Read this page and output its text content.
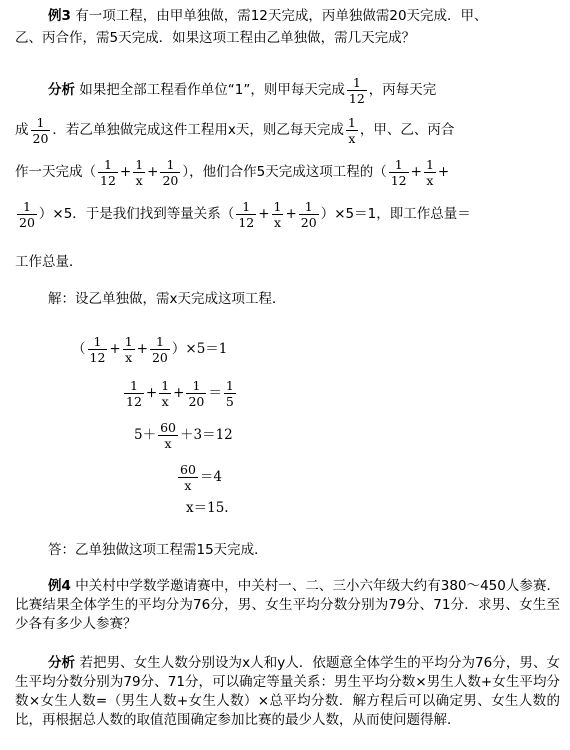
例3 有一项工程，由甲单独做，需12天完成，丙单独做需20天完成．甲、
乙、丙合作，需5天完成．如果这项工程由乙单独做，需几天完成？
分析 如果把全部工程看作单位“1”，则甲每天完成 $\frac{1}{12}$ ，丙每天完
成 $\frac{1}{20}$ ．若乙单独做完成这件工程用x天，则乙每天完成 $\frac{1}{x}$ ，甲、乙、丙合
作一天完成（ $\frac{1}{12} + \frac{1}{x} + \frac{1}{20}$ ），他们合作5天完成这项工程的（ $\frac{1}{12} + \frac{1}{x}$ +
$\frac{1}{20} )\times 5$．于是我们找到等量关系（ $\frac{1}{12} + \frac{1}{x} + \frac{1}{20} )\times 5=1$，即工作总量＝
工作总量．
解：设乙单独做，需x天完成这项工程．
（ $\frac{1}{12} + \frac{1}{x} + \frac{1}{20} )\times 5=1$
$\frac{1}{12} + \frac{1}{x} + \frac{1}{20} = \frac{1}{5}$
$5+ \frac{60}{x} +3=12$
$\frac{60}{x} =4$
x＝15.
答：乙单独做这项工程需15天完成．
例4 中关村中学数学邀请赛中，中关村一、二、三小六年级大约有380～450人参赛．比赛结果全体学生的平均分为76分，男、女生平均分数分别为79分、71分．求男、女生至少各有多少人参赛？
分析 若把男、女生人数分别设为x人和y人．依题意全体学生的平均分为76分，男、女生平均分数分别为79分、71分，可以确定等量关系：男生平均分数×男生人数+女生平均分数×女生人数=（男生人数+女生人数）×总平均分数．解方程后可以确定男、女生人数的比，再根据总人数的取值范围确定参加比赛的最少人数，从而使问题得解．
